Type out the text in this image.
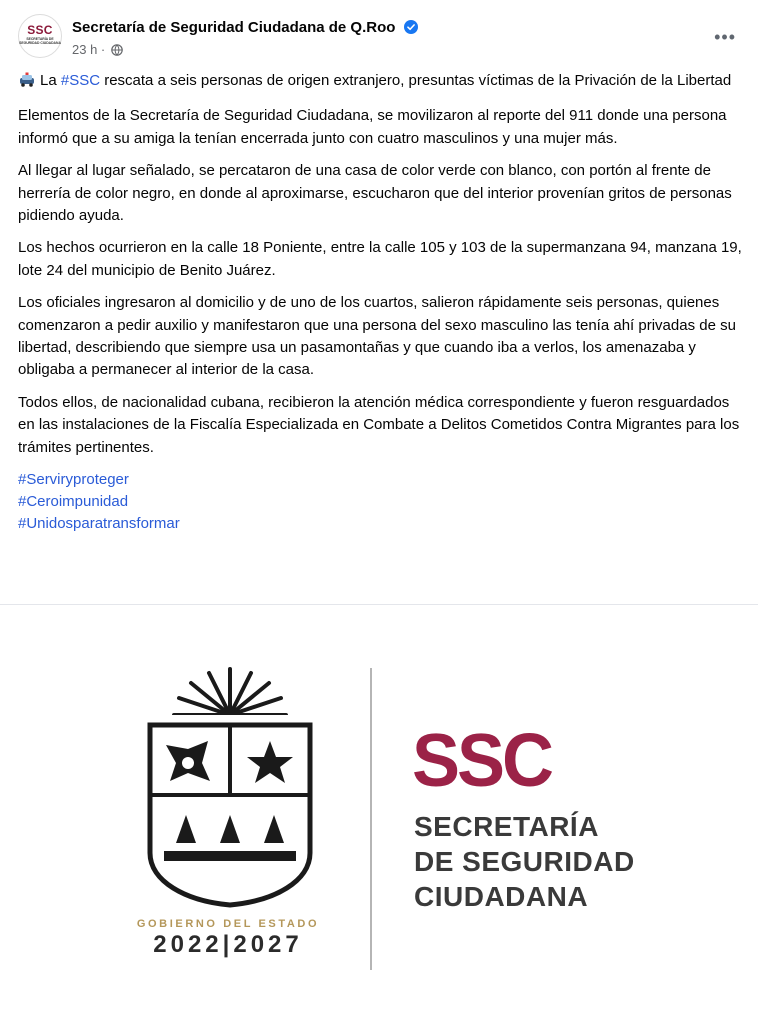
SSC
SECRETARÍA DE SEGURIDAD CIUDADANA
Secretaría de Seguridad Ciudadana de Q.Roo
23 h ·
•••

La #SSC rescata a seis personas de origen extranjero, presuntas víctimas de la Privación de la Libertad

Elementos de la Secretaría de Seguridad Ciudadana, se movilizaron al reporte del 911 donde una persona informó que a su amiga la tenían encerrada junto con cuatro masculinos y una mujer más.

Al llegar al lugar señalado, se percataron de una casa de color verde con blanco, con portón al frente de herrería de color negro, en donde al aproximarse, escucharon que del interior provenían gritos de personas pidiendo ayuda.

Los hechos ocurrieron en la calle 18 Poniente, entre la calle 105 y 103 de la supermanzana 94, manzana 19, lote 24 del municipio de Benito Juárez.

Los oficiales ingresaron al domicilio y de uno de los cuartos, salieron rápidamente seis personas, quienes comenzaron a pedir auxilio y manifestaron que una persona del sexo masculino las tenía ahí privadas de su libertad, describiendo que siempre usa un pasamontañas y que cuando iba a verlos, los amenazaba y obligaba a permanecer al interior de la casa.

Todos ellos, de nacionalidad cubana, recibieron la atención médica correspondiente y fueron resguardados en las instalaciones de la Fiscalía Especializada en Combate a Delitos Cometidos Contra Migrantes para los trámites pertinentes.

#Serviryproteger
#Ceroimpunidad
#Unidosparatransformar
GOBIERNO DEL ESTADO
2022|2027
SSC
SECRETARÍA
DE SEGURIDAD
CIUDADANA
